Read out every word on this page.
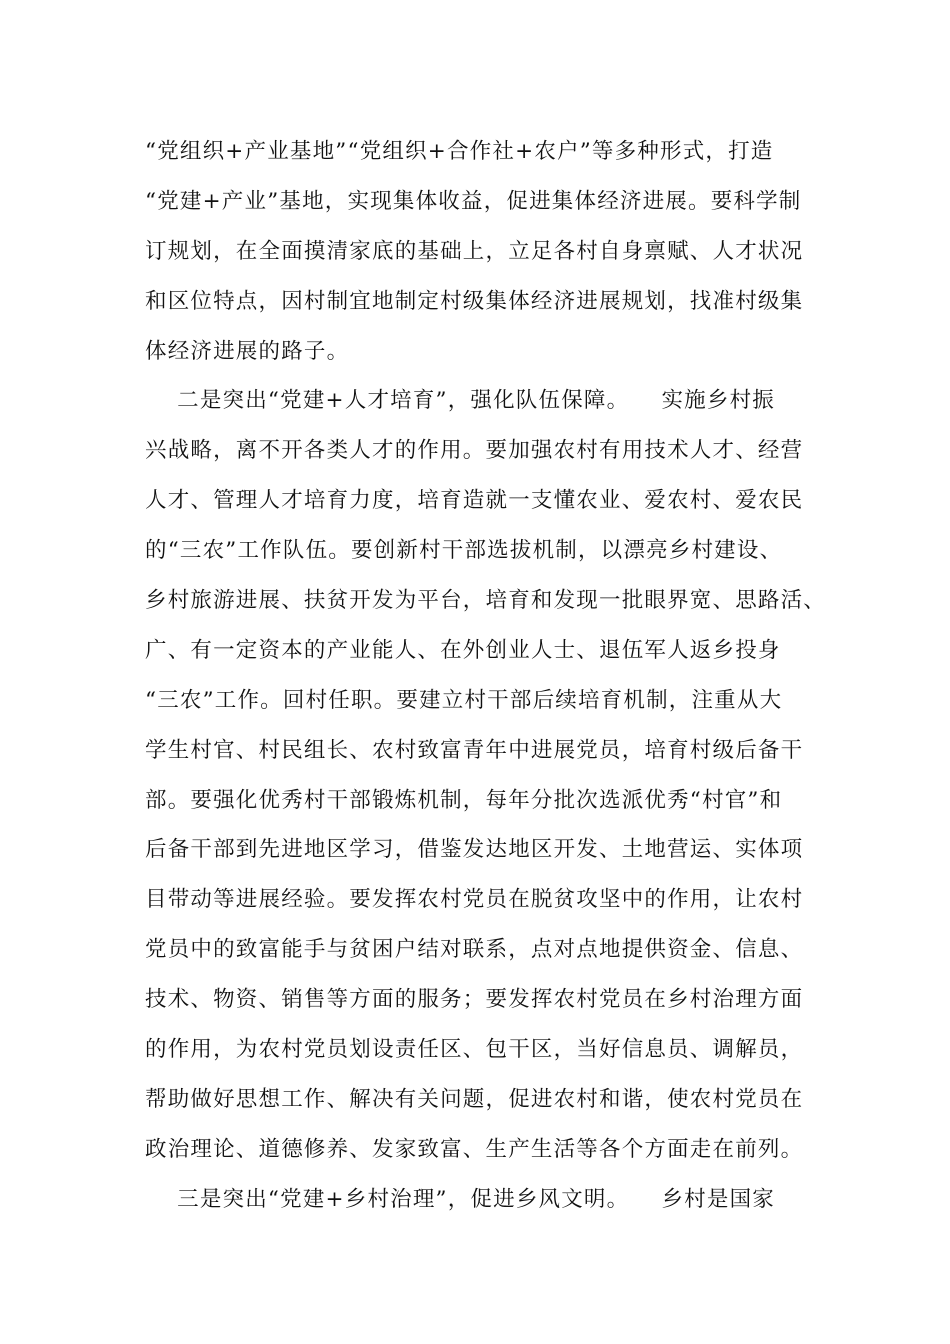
“党组织+产业基地”“党组织+合作社+农户”等多种形式，打造
“党建+产业”基地，实现集体收益，促进集体经济进展。要科学制
订规划，在全面摸清家底的基础上，立足各村自身禀赋、人才状况
和区位特点，因村制宜地制定村级集体经济进展规划，找准村级集
体经济进展的路子。
二是突出“党建+人才培育”，强化队伍保障。    实施乡村振
兴战略，离不开各类人才的作用。要加强农村有用技术人才、经营
人才、管理人才培育力度，培育造就一支懂农业、爱农村、爱农民
的“三农”工作队伍。要创新村干部选拔机制，以漂亮乡村建设、
乡村旅游进展、扶贫开发为平台，培育和发现一批眼界宽、思路活、
广、有一定资本的产业能人、在外创业人士、退伍军人返乡投身
“三农”工作。回村任职。要建立村干部后续培育机制，注重从大
学生村官、村民组长、农村致富青年中进展党员，培育村级后备干
部。要强化优秀村干部锻炼机制，每年分批次选派优秀“村官”和
后备干部到先进地区学习，借鉴发达地区开发、土地营运、实体项
目带动等进展经验。要发挥农村党员在脱贫攻坚中的作用，让农村
党员中的致富能手与贫困户结对联系，点对点地提供资金、信息、
技术、物资、销售等方面的服务；要发挥农村党员在乡村治理方面
的作用，为农村党员划设责任区、包干区，当好信息员、调解员，
帮助做好思想工作、解决有关问题，促进农村和谐，使农村党员在
政治理论、道德修养、发家致富、生产生活等各个方面走在前列。
三是突出“党建+乡村治理”，促进乡风文明。    乡村是国家
